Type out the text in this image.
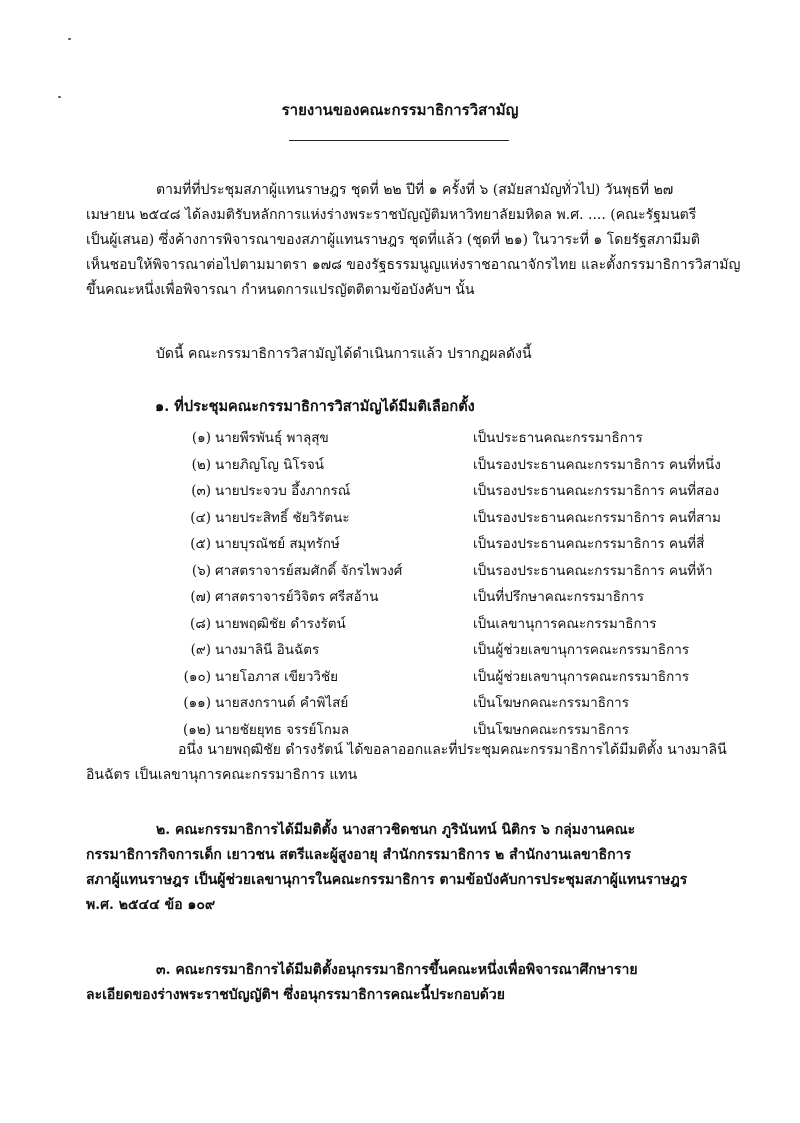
รายงานของคณะกรรมาธิการวิสามัญ

ตามที่ที่ประชุมสภาผู้แทนราษฎร ชุดที่ ๒๒ ปีที่ ๑ ครั้งที่ ๖ (สมัยสามัญทั่วไป) วันพุธที่ ๒๗

เมษายน ๒๕๔๘ ได้ลงมติรับหลักการแห่งร่างพระราชบัญญัติมหาวิทยาลัยมหิดล พ.ศ. .... (คณะรัฐมนตรี

เป็นผู้เสนอ) ซึ่งค้างการพิจารณาของสภาผู้แทนราษฎร ชุดที่แล้ว (ชุดที่ ๒๑) ในวาระที่ ๑ โดยรัฐสภามีมติ

เห็นชอบให้พิจารณาต่อไปตามมาตรา ๑๗๘ ของรัฐธรรมนูญแห่งราชอาณาจักรไทย และตั้งกรรมาธิการวิสามัญ

ขึ้นคณะหนึ่งเพื่อพิจารณา กำหนดการแปรญัตติตามข้อบังคับฯ นั้น

บัดนี้ คณะกรรมาธิการวิสามัญได้ดำเนินการแล้ว ปรากฏผลดังนี้

๑. ที่ประชุมคณะกรรมาธิการวิสามัญได้มีมติเลือกตั้ง
(๑) นายพีรพันธุ์ พาลุสุข	เป็นประธานคณะกรรมาธิการ
(๒) นายภิญโญ นิโรจน์	เป็นรองประธานคณะกรรมาธิการ คนที่หนึ่ง
(๓) นายประจวบ อึ้งภากรณ์	เป็นรองประธานคณะกรรมาธิการ คนที่สอง
(๔) นายประสิทธิ์ ชัยวิรัตนะ	เป็นรองประธานคณะกรรมาธิการ คนที่สาม
(๕) นายบุรณัชย์ สมุทรักษ์	เป็นรองประธานคณะกรรมาธิการ คนที่สี่
(๖) ศาสตราจารย์สมศักดิ์ จักรไพวงศ์	เป็นรองประธานคณะกรรมาธิการ คนที่ห้า
(๗) ศาสตราจารย์วิจิตร ศรีสอ้าน	เป็นที่ปรึกษาคณะกรรมาธิการ
(๘) นายพฤฒิชัย ดำรงรัตน์	เป็นเลขานุการคณะกรรมาธิการ
(๙) นางมาลินี อินฉัตร	เป็นผู้ช่วยเลขานุการคณะกรรมาธิการ
(๑๐) นายโอภาส เขียววิชัย	เป็นผู้ช่วยเลขานุการคณะกรรมาธิการ
(๑๑) นายสงกรานต์ คำพิไสย์	เป็นโฆษกคณะกรรมาธิการ
(๑๒) นายชัยยุทธ จรรย์โกมล	เป็นโฆษกคณะกรรมาธิการ

อนึ่ง นายพฤฒิชัย ดำรงรัตน์ ได้ขอลาออกและที่ประชุมคณะกรรมาธิการได้มีมติตั้ง นางมาลินี

อินฉัตร เป็นเลขานุการคณะกรรมาธิการ แทน

๒. คณะกรรมาธิการได้มีมติตั้ง นางสาวชิดชนก ภูรินันทน์ นิติกร ๖ กลุ่มงานคณะ

กรรมาธิการกิจการเด็ก เยาวชน สตรีและผู้สูงอายุ สำนักกรรมาธิการ ๒ สำนักงานเลขาธิการ

สภาผู้แทนราษฎร เป็นผู้ช่วยเลขานุการในคณะกรรมาธิการ ตามข้อบังคับการประชุมสภาผู้แทนราษฎร

พ.ศ. ๒๕๔๔ ข้อ ๑๐๙

๓. คณะกรรมาธิการได้มีมติตั้งอนุกรรมาธิการขึ้นคณะหนึ่งเพื่อพิจารณาศึกษาราย

ละเอียดของร่างพระราชบัญญัติฯ ซึ่งอนุกรรมาธิการคณะนี้ประกอบด้วย
